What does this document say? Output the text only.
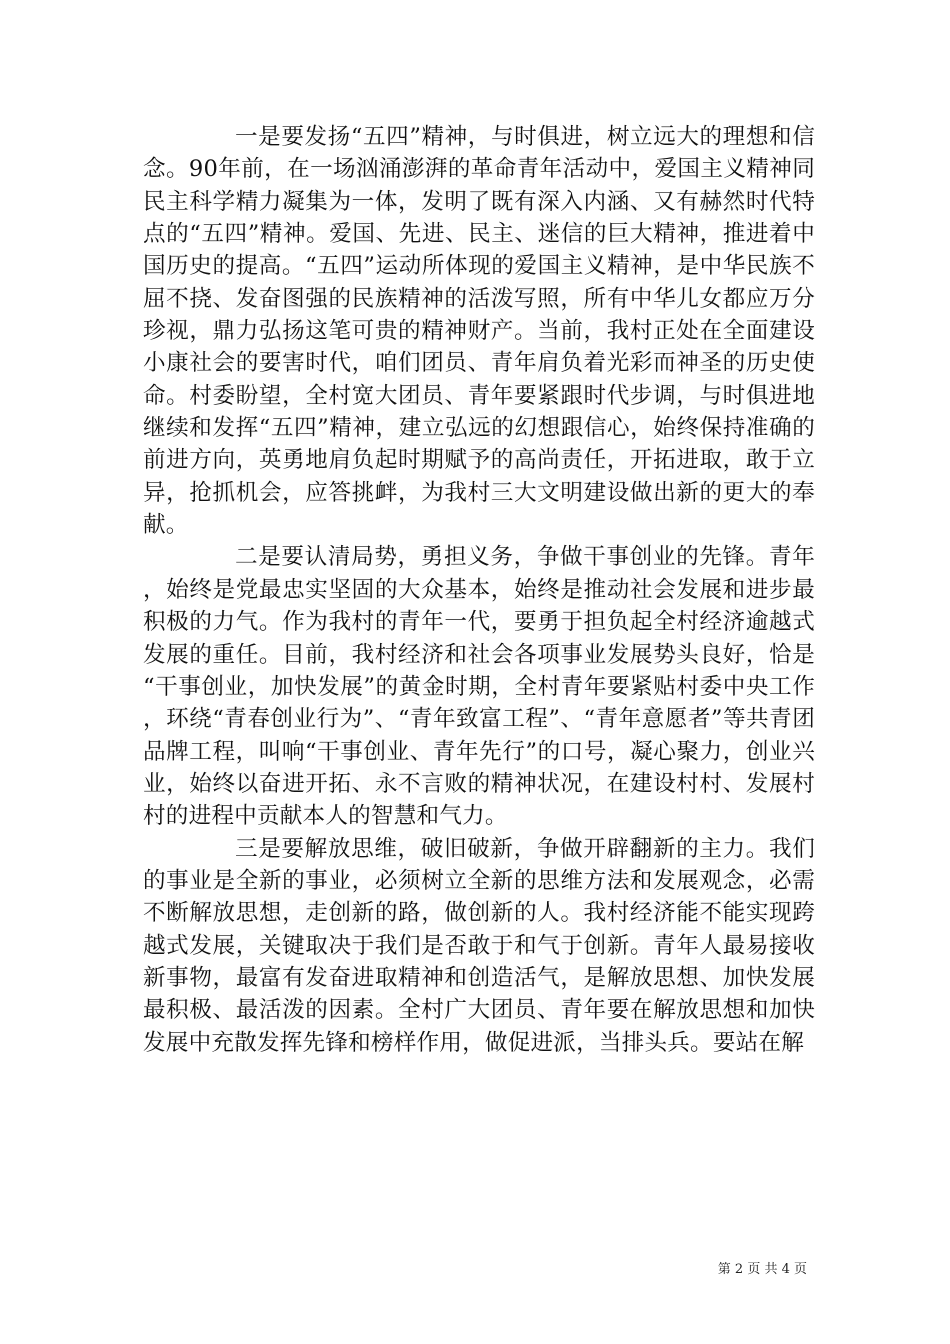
一是要发扬“五四”精神，与时俱进，树立远大的理想和信念。90年前，在一场汹涌澎湃的革命青年活动中，爱国主义精神同民主科学精力凝集为一体，发明了既有深入内涵、又有赫然时代特点的“五四”精神。爱国、先进、民主、迷信的巨大精神，推进着中国历史的提高。“五四”运动所体现的爱国主义精神，是中华民族不屈不挠、发奋图强的民族精神的活泼写照，所有中华儿女都应万分珍视，鼎力弘扬这笔可贵的精神财产。当前，我村正处在全面建设小康社会的要害时代，咱们团员、青年肩负着光彩而神圣的历史使命。村委盼望，全村宽大团员、青年要紧跟时代步调，与时俱进地继续和发挥“五四”精神，建立弘远的幻想跟信心，始终保持准确的前进方向，英勇地肩负起时期赋予的高尚责任，开拓进取，敢于立异，抢抓机会，应答挑衅，为我村三大文明建设做出新的更大的奉献。

二是要认清局势，勇担义务，争做干事创业的先锋。青年，始终是党最忠实坚固的大众基本，始终是推动社会发展和进步最积极的力气。作为我村的青年一代，要勇于担负起全村经济逾越式发展的重任。目前，我村经济和社会各项事业发展势头良好，恰是“干事创业，加快发展”的黄金时期，全村青年要紧贴村委中央工作，环绕“青春创业行为”、“青年致富工程”、“青年意愿者”等共青团品牌工程，叫响“干事创业、青年先行”的口号，凝心聚力，创业兴业，始终以奋进开拓、永不言败的精神状况，在建设村村、发展村村的进程中贡献本人的智慧和气力。

三是要解放思维，破旧破新，争做开辟翻新的主力。我们的事业是全新的事业，必须树立全新的思维方法和发展观念，必需不断解放思想，走创新的路，做创新的人。我村经济能不能实现跨越式发展，关键取决于我们是否敢于和气于创新。青年人最易接收新事物，最富有发奋进取精神和创造活气，是解放思想、加快发展最积极、最活泼的因素。全村广大团员、青年要在解放思想和加快发展中充散发挥先锋和榜样作用，做促进派，当排头兵。要站在解

第 2 页 共 4 页
